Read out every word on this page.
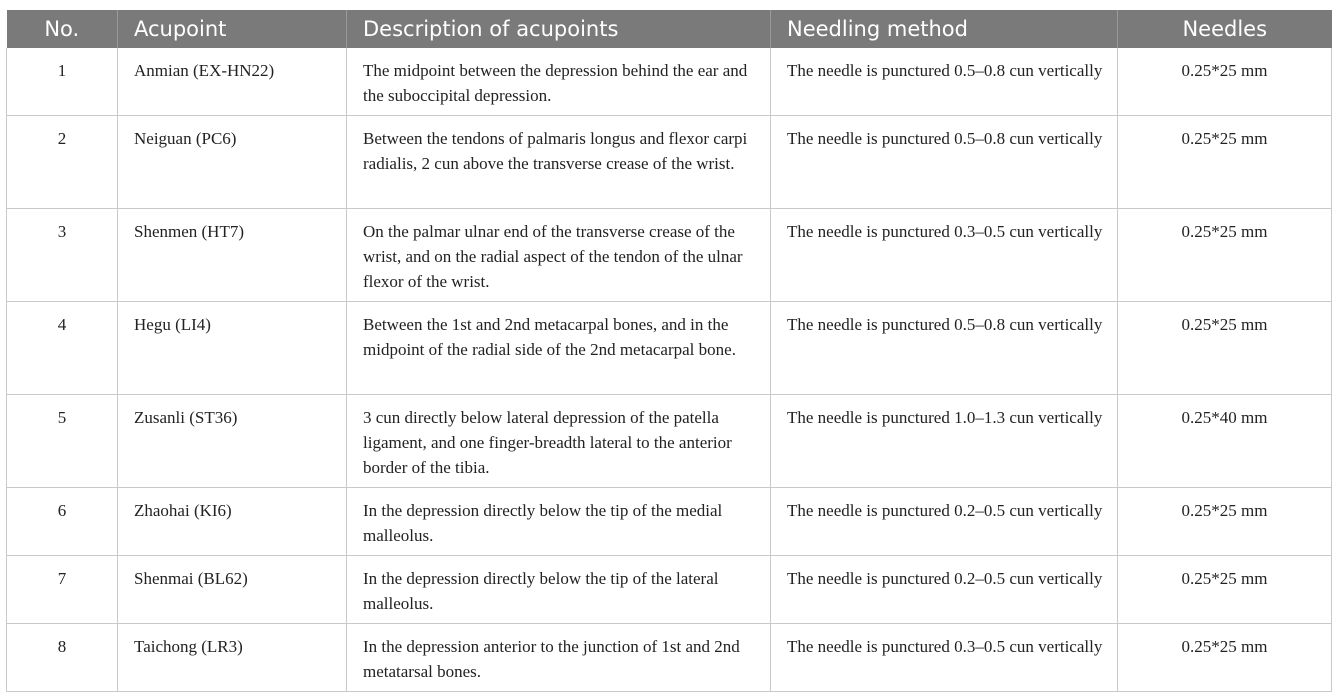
No.	Acupoint	Description of acupoints	Needling method	Needles
1	Anmian (EX-HN22)	The midpoint between the depression behind the ear and the suboccipital depression.	The needle is punctured 0.5–0.8 cun vertically	0.25*25 mm
2	Neiguan (PC6)	Between the tendons of palmaris longus and flexor carpi radialis, 2 cun above the transverse crease of the wrist.	The needle is punctured 0.5–0.8 cun vertically	0.25*25 mm
3	Shenmen (HT7)	On the palmar ulnar end of the transverse crease of the wrist, and on the radial aspect of the tendon of the ulnar flexor of the wrist.	The needle is punctured 0.3–0.5 cun vertically	0.25*25 mm
4	Hegu (LI4)	Between the 1st and 2nd metacarpal bones, and in the midpoint of the radial side of the 2nd metacarpal bone.	The needle is punctured 0.5–0.8 cun vertically	0.25*25 mm
5	Zusanli (ST36)	3 cun directly below lateral depression of the patella ligament, and one finger-breadth lateral to the anterior border of the tibia.	The needle is punctured 1.0–1.3 cun vertically	0.25*40 mm
6	Zhaohai (KI6)	In the depression directly below the tip of the medial malleolus.	The needle is punctured 0.2–0.5 cun vertically	0.25*25 mm
7	Shenmai (BL62)	In the depression directly below the tip of the lateral malleolus.	The needle is punctured 0.2–0.5 cun vertically	0.25*25 mm
8	Taichong (LR3)	In the depression anterior to the junction of 1st and 2nd metatarsal bones.	The needle is punctured 0.3–0.5 cun vertically	0.25*25 mm
